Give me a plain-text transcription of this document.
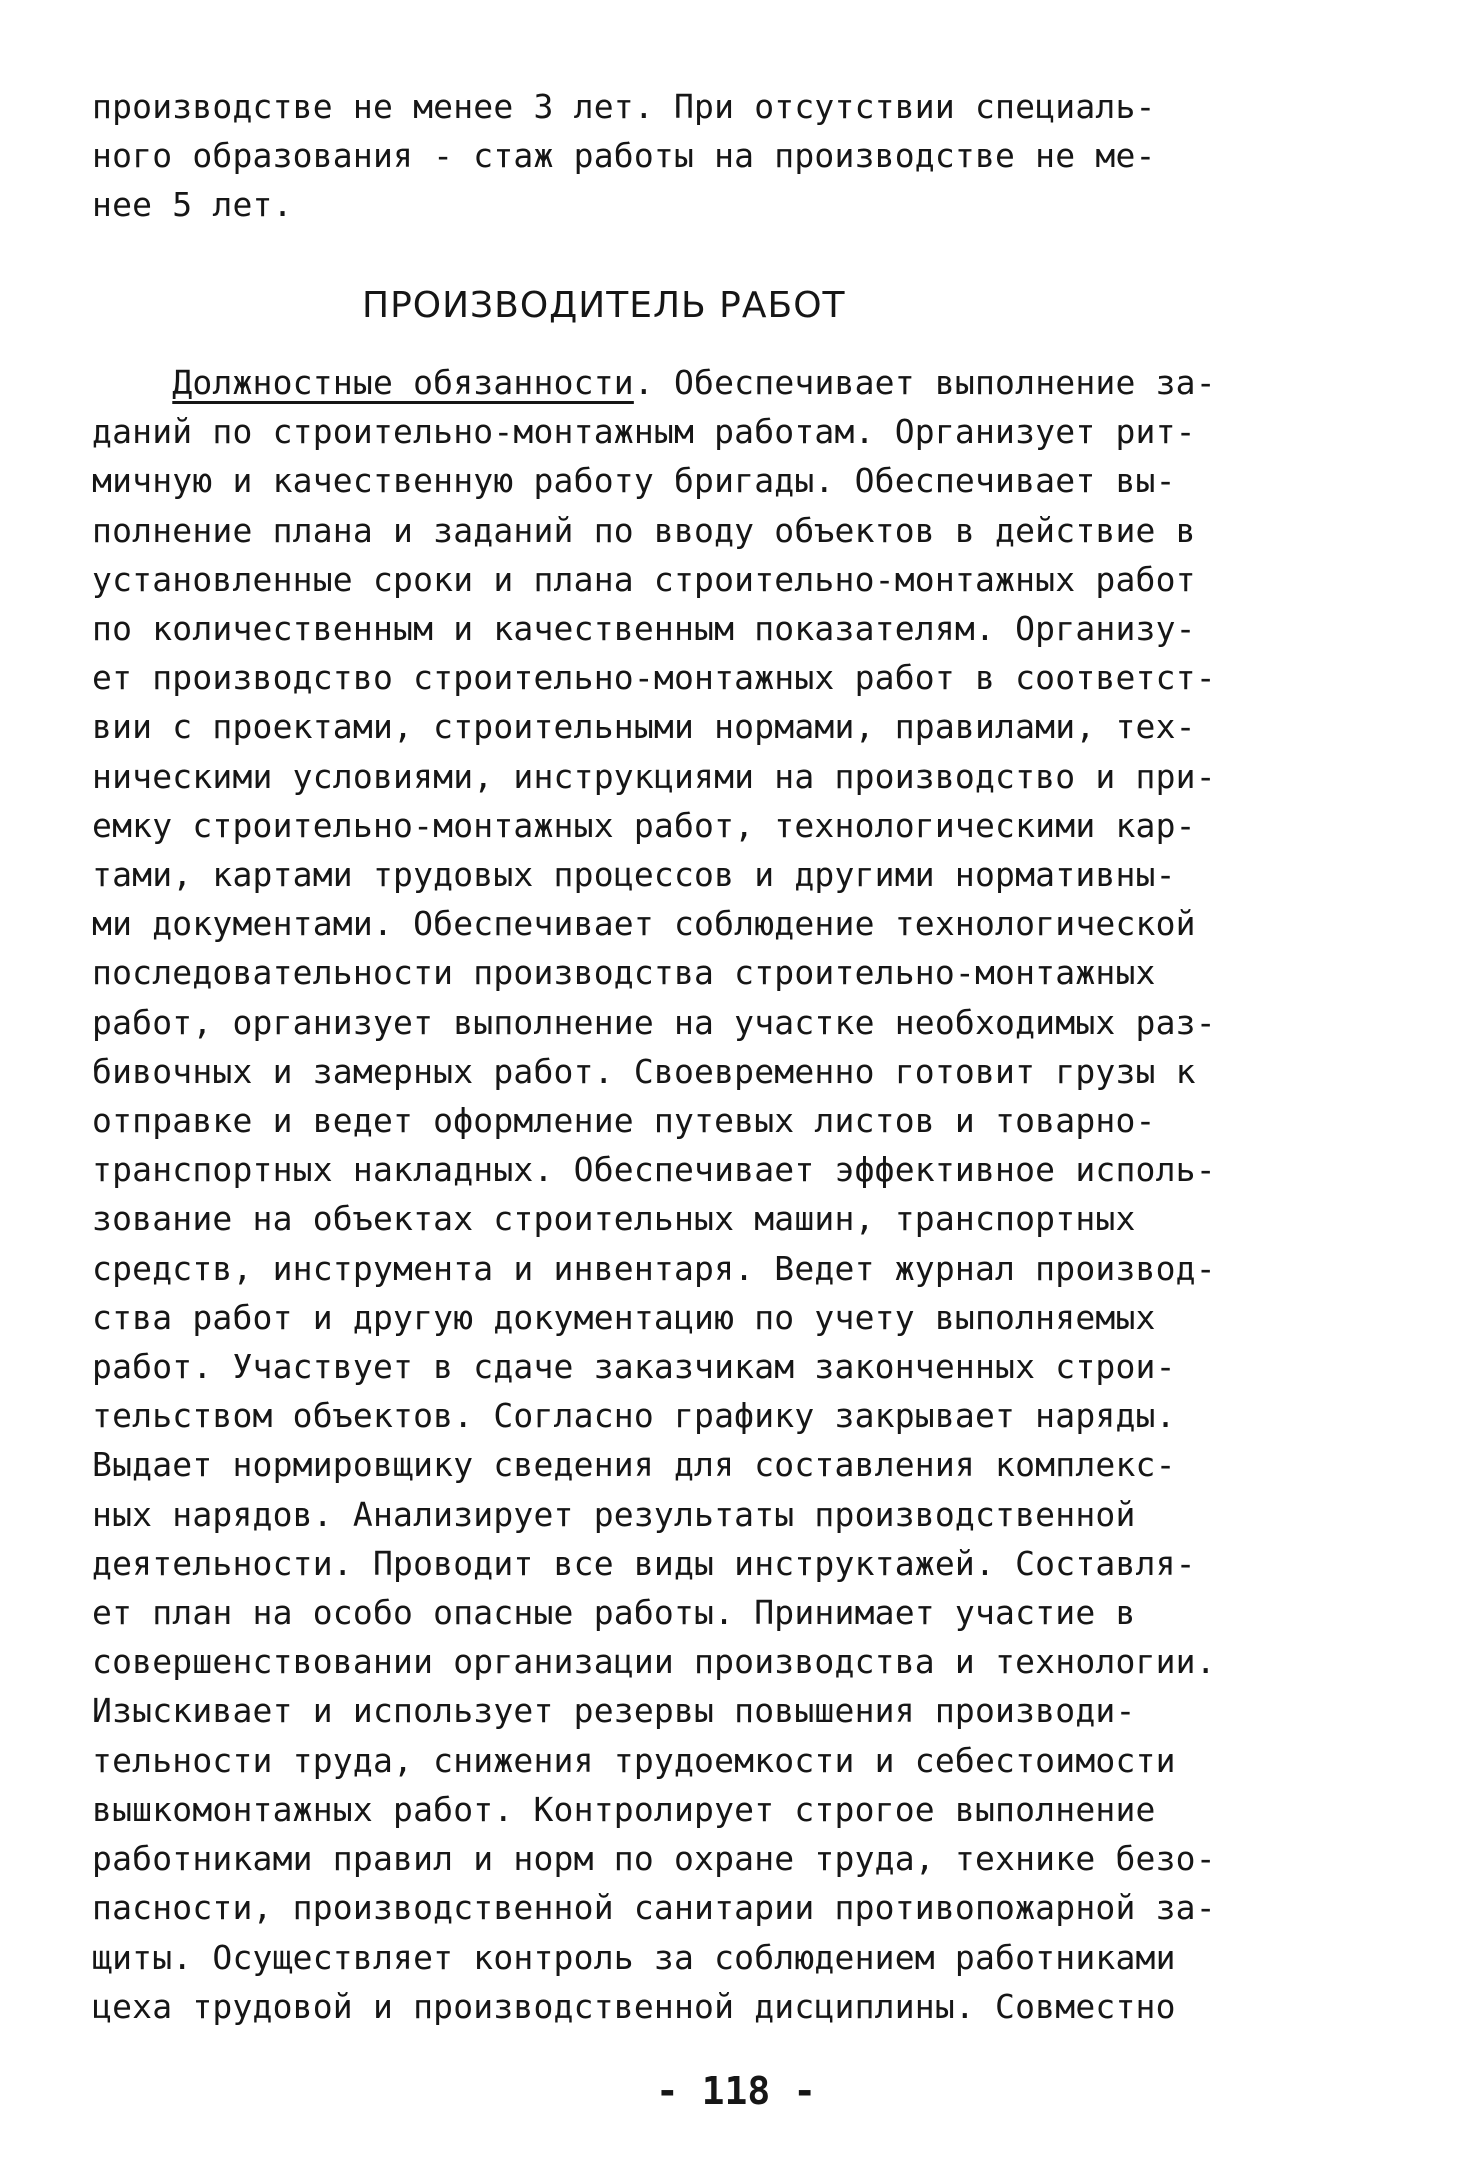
производстве не менее 3 лет. При отсутствии специаль-
ного образования - стаж работы на производстве не ме-
нее 5 лет.
ПРОИЗВОДИТЕЛЬ РАБОТ
Должностные обязанности. Обеспечивает выполнение за-
даний по строительно-монтажным работам. Организует рит-
мичную и качественную работу бригады. Обеспечивает вы-
полнение плана и заданий по вводу объектов в действие в
установленные сроки и плана строительно-монтажных работ
по количественным и качественным показателям. Организу-
ет производство строительно-монтажных работ в соответст-
вии с проектами, строительными нормами, правилами, тех-
ническими условиями, инструкциями на производство и при-
емку строительно-монтажных работ, технологическими кар-
тами, картами трудовых процессов и другими нормативны-
ми документами. Обеспечивает соблюдение технологической
последовательности производства строительно-монтажных
работ, организует выполнение на участке необходимых раз-
бивочных и замерных работ. Своевременно готовит грузы к
отправке и ведет оформление путевых листов и товарно-
транспортных накладных. Обеспечивает эффективное исполь-
зование на объектах строительных машин, транспортных
средств, инструмента и инвентаря. Ведет журнал производ-
ства работ и другую документацию по учету выполняемых
работ. Участвует в сдаче заказчикам законченных строи-
тельством объектов. Согласно графику закрывает наряды.
Выдает нормировщику сведения для составления комплекс-
ных нарядов. Анализирует результаты производственной
деятельности. Проводит все виды инструктажей. Составля-
ет план на особо опасные работы. Принимает участие в
совершенствовании организации производства и технологии.
Изыскивает и использует резервы повышения производи-
тельности труда, снижения трудоемкости и себестоимости
вышкомонтажных работ. Контролирует строгое выполнение
работниками правил и норм по охране труда, технике безо-
пасности, производственной санитарии противопожарной за-
щиты. Осуществляет контроль за соблюдением работниками
цеха трудовой и производственной дисциплины. Совместно
- 118 -
